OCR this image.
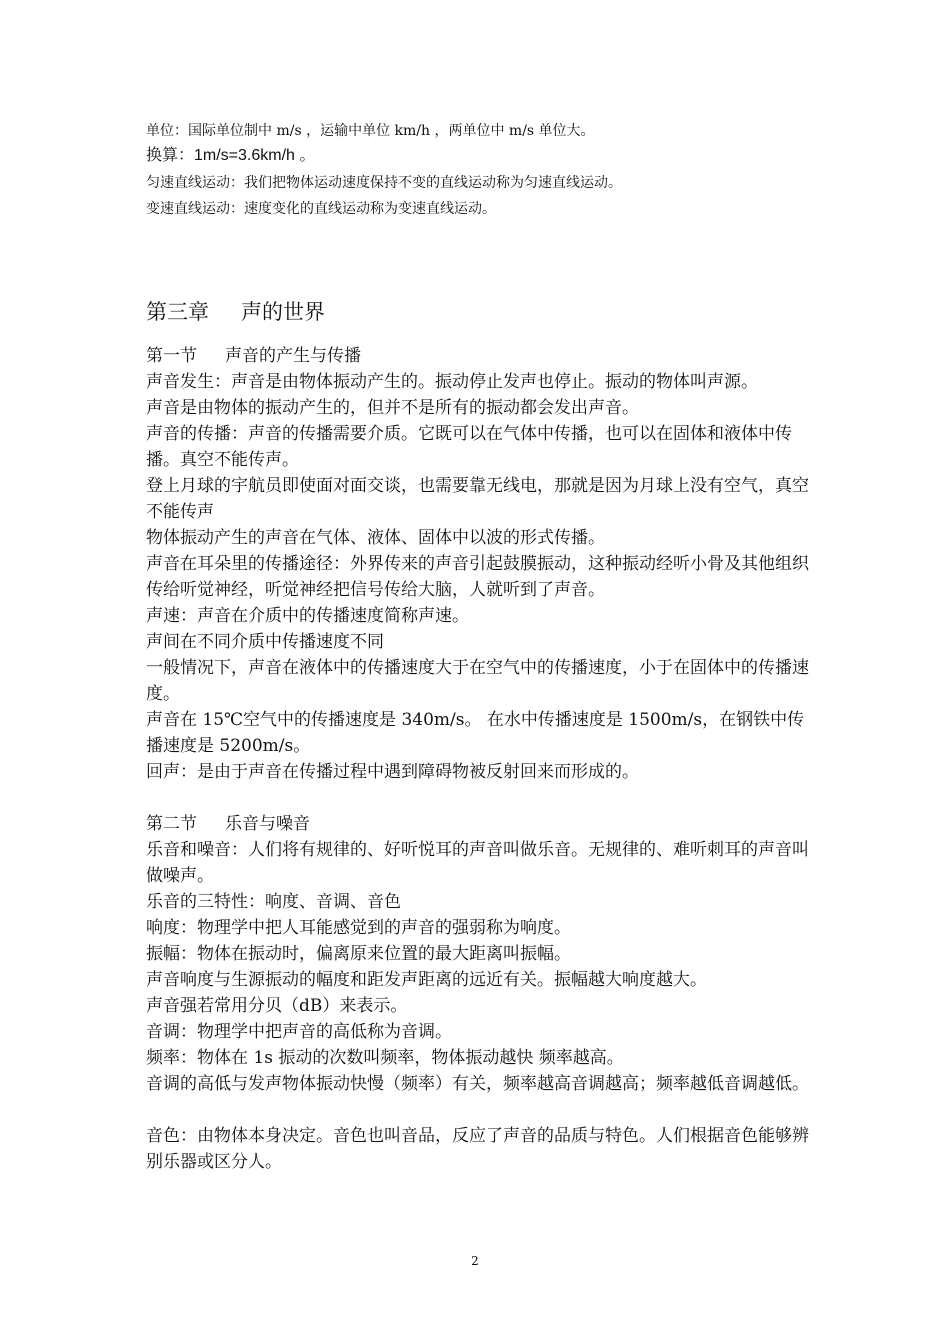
单位：国际单位制中 m/s ，运输中单位 km/h ，两单位中 m/s 单位大。
换算：1m/s=3.6km/h 。
匀速直线运动：我们把物体运动速度保持不变的直线运动称为匀速直线运动。
变速直线运动：速度变化的直线运动称为变速直线运动。
第三章 声的世界

第一节 声音的产生与传播

声音发生：声音是由物体振动产生的。振动停止发声也停止。振动的物体叫声源。

声音是由物体的振动产生的，但并不是所有的振动都会发出声音。

声音的传播：声音的传播需要介质。它既可以在气体中传播，也可以在固体和液体中传播。真空不能传声。

登上月球的宇航员即使面对面交谈，也需要靠无线电，那就是因为月球上没有空气，真空不能传声

物体振动产生的声音在气体、液体、固体中以波的形式传播。

声音在耳朵里的传播途径：外界传来的声音引起鼓膜振动，这种振动经听小骨及其他组织传给听觉神经，听觉神经把信号传给大脑，人就听到了声音。

声速：声音在介质中的传播速度简称声速。

声间在不同介质中传播速度不同

一般情况下，声音在液体中的传播速度大于在空气中的传播速度，小于在固体中的传播速度。

声音在 15℃空气中的传播速度是 340m/s。 在水中传播速度是 1500m/s，在钢铁中传播速度是 5200m/s。

回声：是由于声音在传播过程中遇到障碍物被反射回来而形成的。

第二节 乐音与噪音

乐音和噪音：人们将有规律的、好听悦耳的声音叫做乐音。无规律的、难听刺耳的声音叫做噪声。

乐音的三特性：响度、音调、音色

响度：物理学中把人耳能感觉到的声音的强弱称为响度。

振幅：物体在振动时，偏离原来位置的最大距离叫振幅。

声音响度与生源振动的幅度和距发声距离的远近有关。振幅越大响度越大。

声音强若常用分贝（dB）来表示。

音调：物理学中把声音的高低称为音调。

频率：物体在 1s 振动的次数叫频率，物体振动越快 频率越高。

音调的高低与发声物体振动快慢（频率）有关，频率越高音调越高；频率越低音调越低。

音色：由物体本身决定。音色也叫音品，反应了声音的品质与特色。人们根据音色能够辨别乐器或区分人。

2
